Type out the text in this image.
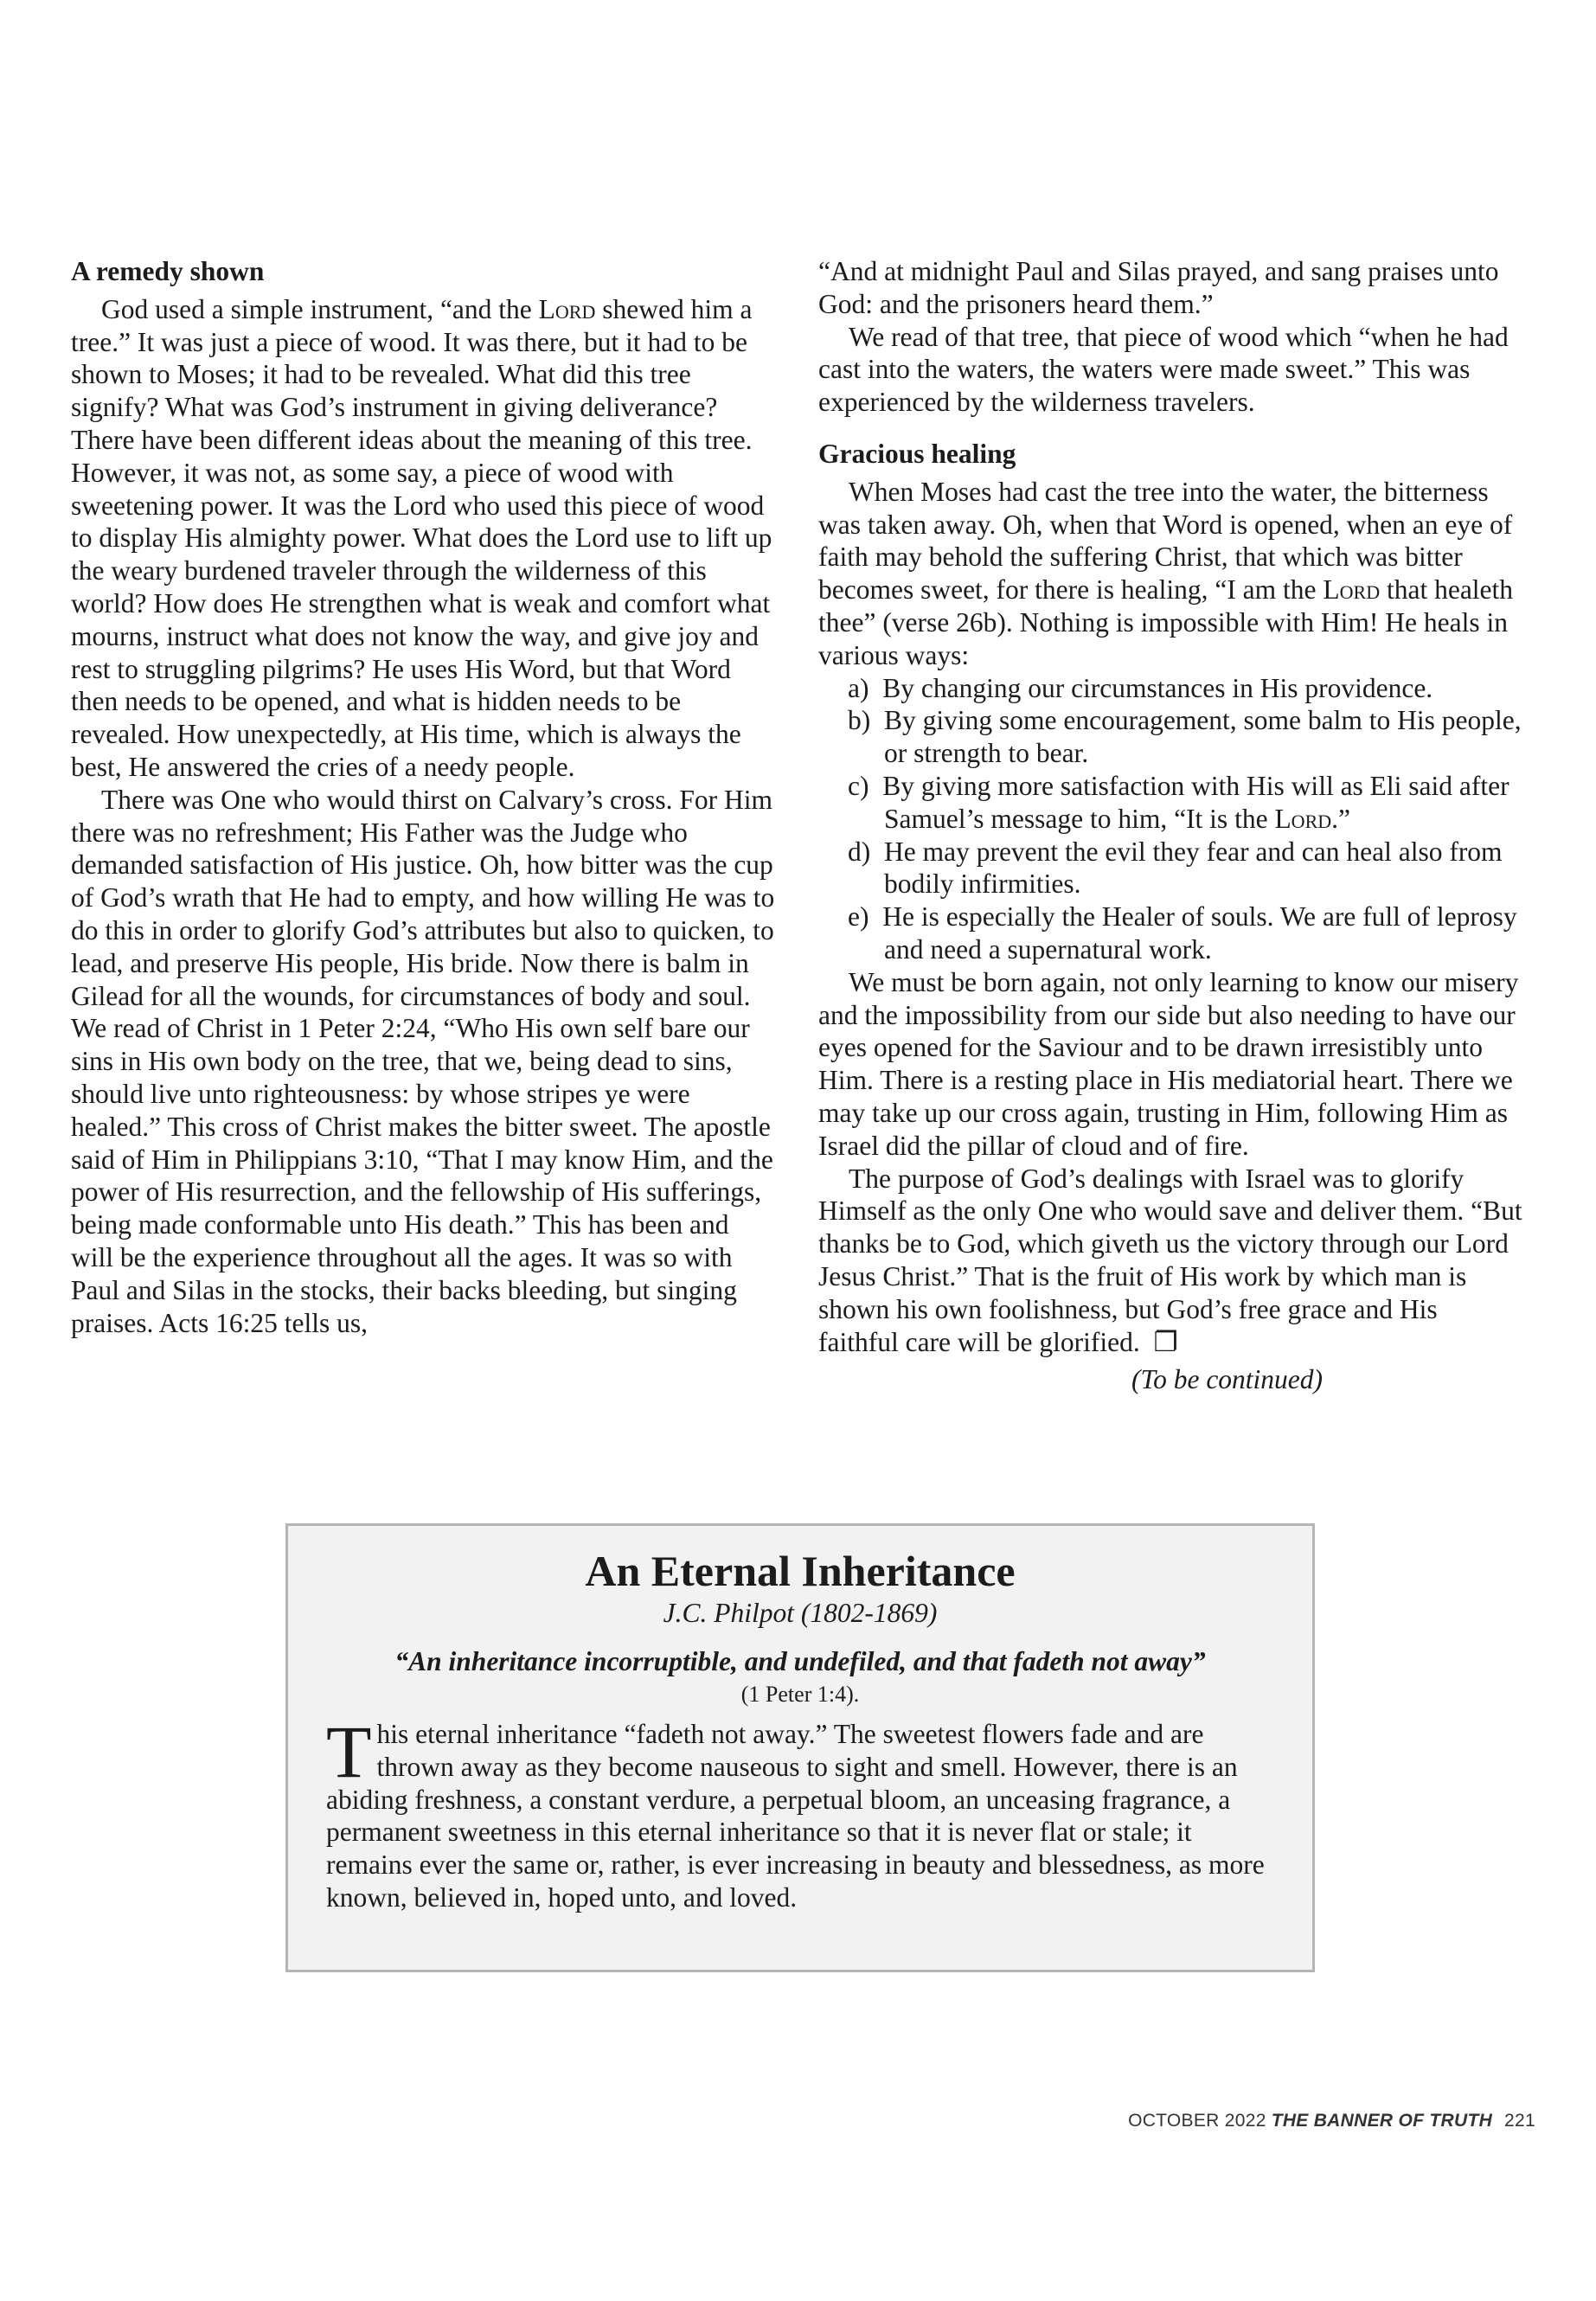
A remedy shown

God used a simple instrument, “and the Lord shewed him a tree.” It was just a piece of wood. It was there, but it had to be shown to Moses; it had to be revealed. What did this tree signify? What was God’s instrument in giving deliverance? There have been different ideas about the meaning of this tree. However, it was not, as some say, a piece of wood with sweetening power. It was the Lord who used this piece of wood to display His almighty power. What does the Lord use to lift up the weary burdened traveler through the wilderness of this world? How does He strengthen what is weak and comfort what mourns, instruct what does not know the way, and give joy and rest to struggling pilgrims? He uses His Word, but that Word then needs to be opened, and what is hidden needs to be revealed. How unexpectedly, at His time, which is always the best, He answered the cries of a needy people.

There was One who would thirst on Calvary’s cross. For Him there was no refreshment; His Father was the Judge who demanded satisfaction of His justice. Oh, how bitter was the cup of God’s wrath that He had to empty, and how willing He was to do this in order to glorify God’s attributes but also to quicken, to lead, and preserve His people, His bride. Now there is balm in Gilead for all the wounds, for circumstances of body and soul. We read of Christ in 1 Peter 2:24, “Who His own self bare our sins in His own body on the tree, that we, being dead to sins, should live unto righteousness: by whose stripes ye were healed.” This cross of Christ makes the bitter sweet. The apostle said of Him in Philippians 3:10, “That I may know Him, and the power of His resurrection, and the fellowship of His sufferings, being made conformable unto His death.” This has been and will be the experience throughout all the ages. It was so with Paul and Silas in the stocks, their backs bleeding, but singing praises. Acts 16:25 tells us,

“And at midnight Paul and Silas prayed, and sang praises unto God: and the prisoners heard them.”

We read of that tree, that piece of wood which “when he had cast into the waters, the waters were made sweet.” This was experienced by the wilderness travelers.

Gracious healing

When Moses had cast the tree into the water, the bitterness was taken away. Oh, when that Word is opened, when an eye of faith may behold the suffering Christ, that which was bitter becomes sweet, for there is healing, “I am the Lord that healeth thee” (verse 26b). Nothing is impossible with Him! He heals in various ways:

a) By changing our circumstances in His providence.
b) By giving some encouragement, some balm to His people, or strength to bear.
c) By giving more satisfaction with His will as Eli said after Samuel’s message to him, “It is the Lord.”
d) He may prevent the evil they fear and can heal also from bodily infirmities.
e) He is especially the Healer of souls. We are full of leprosy and need a supernatural work.

We must be born again, not only learning to know our misery and the impossibility from our side but also needing to have our eyes opened for the Saviour and to be drawn irresistibly unto Him. There is a resting place in His mediatorial heart. There we may take up our cross again, trusting in Him, following Him as Israel did the pillar of cloud and of fire.

The purpose of God’s dealings with Israel was to glorify Himself as the only One who would save and deliver them. “But thanks be to God, which giveth us the victory through our Lord Jesus Christ.” That is the fruit of His work by which man is shown his own foolishness, but God’s free grace and His faithful care will be glorified. ❐

(To be continued)
An Eternal Inheritance

J.C. Philpot (1802-1869)

“An inheritance incorruptible, and undefiled, and that fadeth not away”

(1 Peter 1:4).

This eternal inheritance “fadeth not away.” The sweetest flowers fade and are thrown away as they become nauseous to sight and smell. However, there is an abiding freshness, a constant verdure, a perpetual bloom, an unceasing fragrance, a permanent sweetness in this eternal inheritance so that it is never flat or stale; it remains ever the same or, rather, is ever increasing in beauty and blessedness, as more known, believed in, hoped unto, and loved.

OCTOBER 2022 THE BANNER OF TRUTH 221
